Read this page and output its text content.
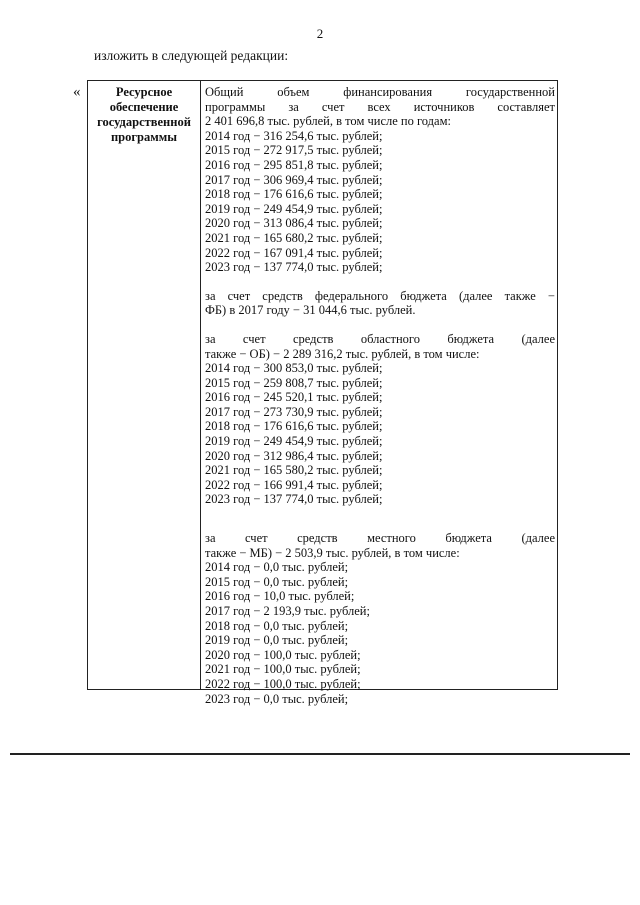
2
изложить в следующей редакции:
«	Ресурсное
обеспечение
государственной
программы
Общий объем финансирования государственной
программы за счет всех источников составляет
2 401 696,8 тыс. рублей, в том числе по годам:
2014 год − 316 254,6 тыс. рублей;
2015 год − 272 917,5 тыс. рублей;
2016 год − 295 851,8 тыс. рублей;
2017 год − 306 969,4 тыс. рублей;
2018 год − 176 616,6 тыс. рублей;
2019 год − 249 454,9 тыс. рублей;
2020 год − 313 086,4 тыс. рублей;
2021 год − 165 680,2 тыс. рублей;
2022 год − 167 091,4 тыс. рублей;
2023 год − 137 774,0 тыс. рублей;
за счет средств федерального бюджета (далее также −
ФБ) в 2017 году − 31 044,6 тыс. рублей.
за счет средств областного бюджета (далее
также − ОБ) − 2 289 316,2 тыс. рублей, в том числе:
2014 год − 300 853,0 тыс. рублей;
2015 год − 259 808,7 тыс. рублей;
2016 год − 245 520,1 тыс. рублей;
2017 год − 273 730,9 тыс. рублей;
2018 год − 176 616,6 тыс. рублей;
2019 год − 249 454,9 тыс. рублей;
2020 год − 312 986,4 тыс. рублей;
2021 год − 165 580,2 тыс. рублей;
2022 год − 166 991,4 тыс. рублей;
2023 год − 137 774,0 тыс. рублей;
за счет средств местного бюджета (далее
также − МБ) − 2 503,9 тыс. рублей, в том числе:
2014 год − 0,0 тыс. рублей;
2015 год − 0,0 тыс. рублей;
2016 год − 10,0 тыс. рублей;
2017 год − 2 193,9 тыс. рублей;
2018 год − 0,0 тыс. рублей;
2019 год − 0,0 тыс. рублей;
2020 год − 100,0 тыс. рублей;
2021 год − 100,0 тыс. рублей;
2022 год − 100,0 тыс. рублей;
2023 год − 0,0 тыс. рублей;
